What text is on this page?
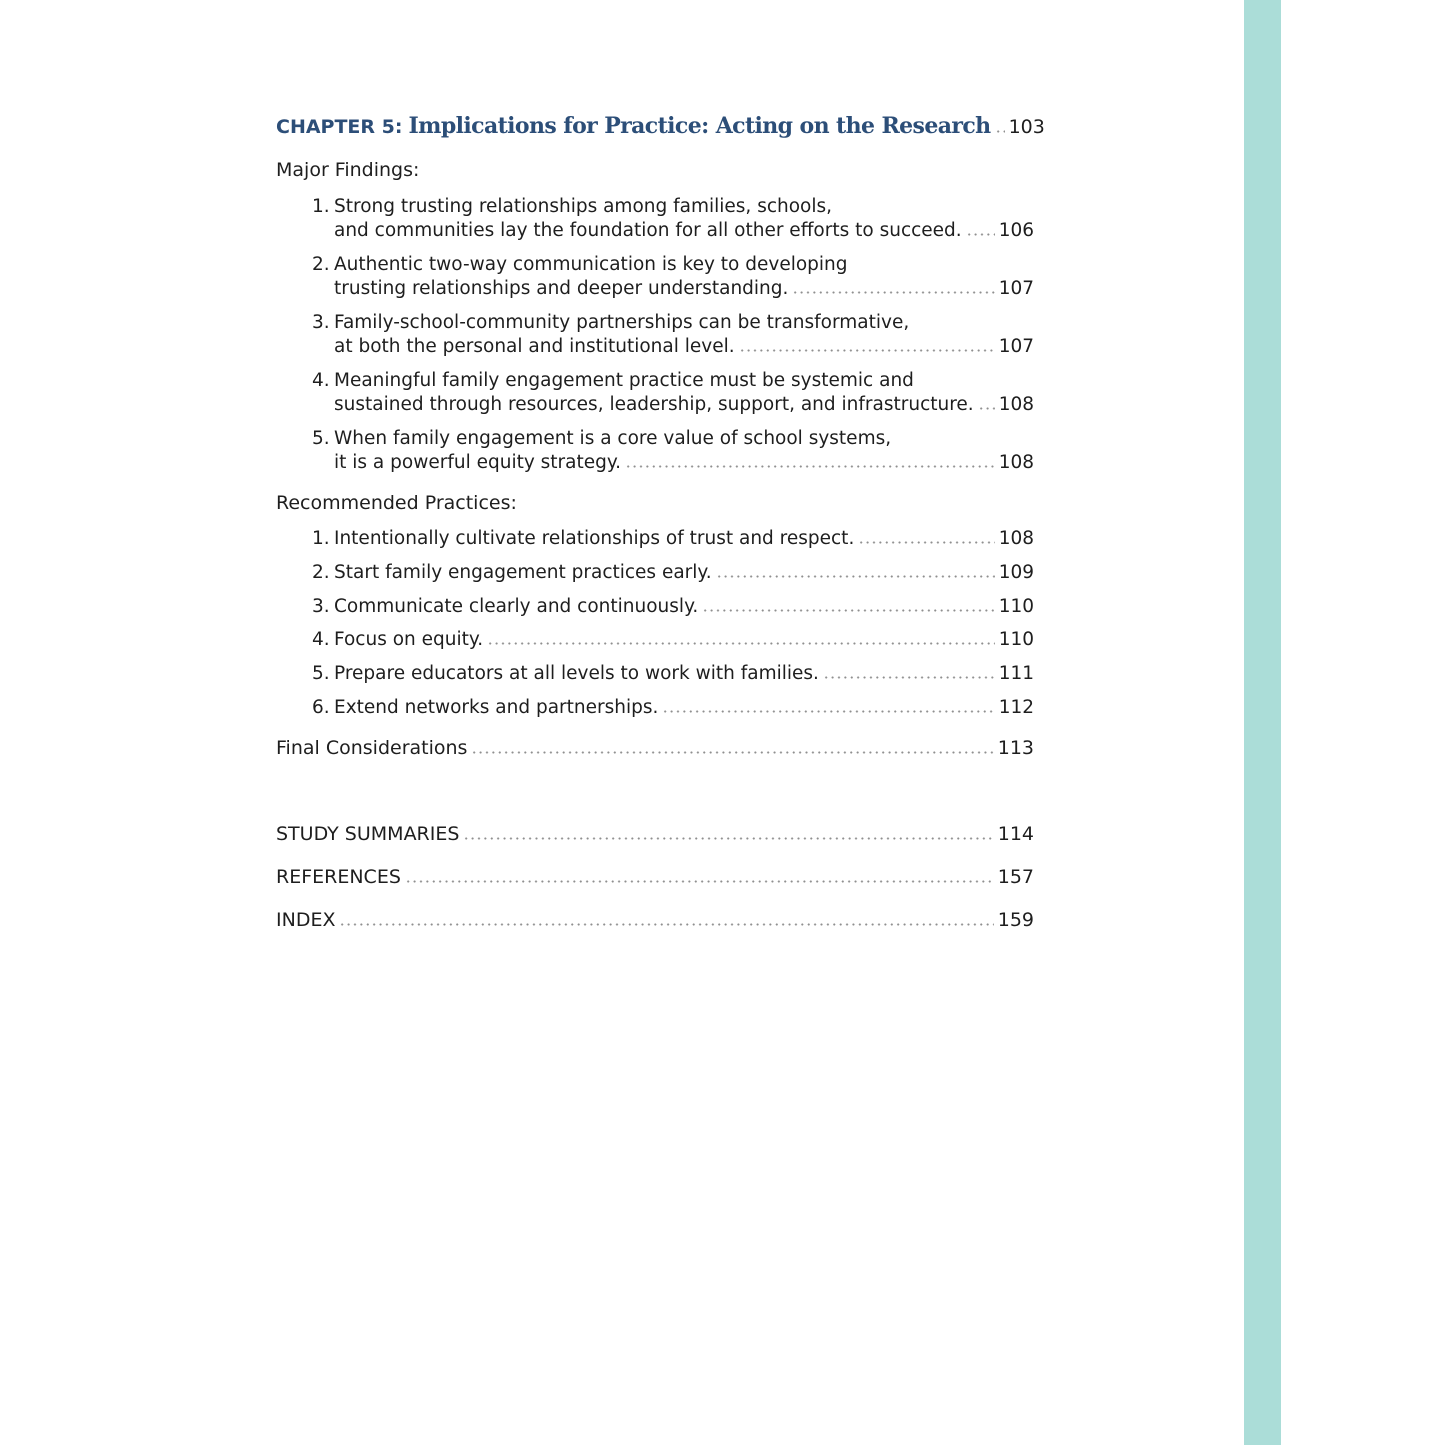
CHAPTER 5: Implications for Practice: Acting on the Research 103
Major Findings:
1. Strong trusting relationships among families, schools,
and communities lay the foundation for all other efforts to succeed. 106
2. Authentic two-way communication is key to developing
trusting relationships and deeper understanding.	107
3. Family-school-community partnerships can be transformative,
at both the personal and institutional level.	107
4. Meaningful family engagement practice must be systemic and
sustained through resources, leadership, support, and infrastructure. 108
5. When family engagement is a core value of school systems,
it is a powerful equity strategy.	108
Recommended Practices:
1. Intentionally cultivate relationships of trust and respect.	108
2. Start family engagement practices early.	109
3. Communicate clearly and continuously.	110
4. Focus on equity.	110
5. Prepare educators at all levels to work with families.	111
6. Extend networks and partnerships.	112
Final Considerations	113
STUDY SUMMARIES	114
REFERENCES	157
INDEX	159
